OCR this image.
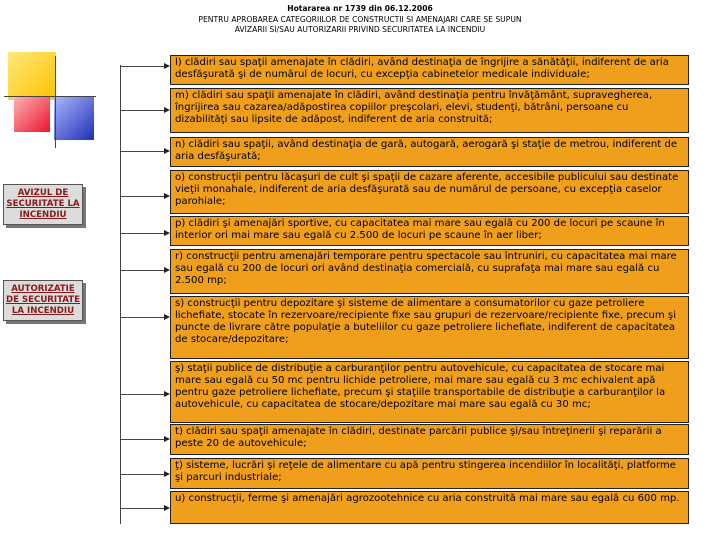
Hotararea nr 1739 din 06.12.2006
PENTRU APROBAREA CATEGORIILOR DE CONSTRUCTII SI AMENAJARI CARE SE SUPUN AVIZARII SI/SAU AUTORIZARII PRIVIND SECURITATEA LA INCENDIU
AVIZUL DE SECURITATE LA INCENDIU
AUTORIZATIE DE SECURITATE LA INCENDIU
l) clădiri sau spaţii amenajate în clădiri, având destinaţia de îngrijire a sănătăţii, indiferent de aria desfăşurată şi de numărul de locuri, cu excepţia cabinetelor medicale individuale;
m) clădiri sau spaţii amenajate în clădiri, având destinaţia pentru învăţământ, supravegherea, îngrijirea sau cazarea/adăpostirea copiilor preşcolari, elevi, studenţi, bătrâni, persoane cu dizabilităţi sau lipsite de adăpost, indiferent de aria construită;
n) clădiri sau spaţii, având destinaţia de gară, autogară, aerogară şi staţie de metrou, indiferent de aria desfăşurată;
o) construcţii pentru lăcaşuri de cult şi spaţii de cazare aferente, accesibile publicului sau destinate vieţii monahale, indiferent de aria desfăşurată sau de numărul de persoane, cu excepţia caselor parohiale;
p) clădiri şi amenajări sportive, cu capacitatea mai mare sau egală cu 200 de locuri pe scaune în interior ori mai mare sau egală cu 2.500 de locuri pe scaune în aer liber;
r) construcţii pentru amenajări temporare pentru spectacole sau întruniri, cu capacitatea mai mare sau egală cu 200 de locuri ori având destinaţia comercială, cu suprafaţa mai mare sau egală cu 2.500 mp;
s) construcţii pentru depozitare şi sisteme de alimentare a consumatorilor cu gaze petroliere lichefiate, stocate în rezervoare/recipiente fixe sau grupuri de rezervoare/recipiente fixe, precum şi puncte de livrare către populaţie a buteliilor cu gaze petroliere lichefiate, indiferent de capacitatea de stocare/depozitare;
ş) staţii publice de distribuţie a carburanţilor pentru autovehicule, cu capacitatea de stocare mai mare sau egală cu 50 mc pentru lichide petroliere, mai mare sau egală cu 3 mc echivalent apă pentru gaze petroliere lichefiate, precum şi staţiile transportabile de distribuţie a carburanţilor la autovehicule, cu capacitatea de stocare/depozitare mai mare sau egală cu 30 mc;
t) clădiri sau spaţii amenajate în clădiri, destinate parcării publice şi/sau întreţinerii şi reparării a peste 20 de autovehicule;
ţ) sisteme, lucrări şi reţele de alimentare cu apă pentru stingerea incendiilor în localităţi, platforme şi parcuri industriale;
u) construcţii, ferme şi amenajări agrozootehnice cu aria construită mai mare sau egală cu 600 mp.
